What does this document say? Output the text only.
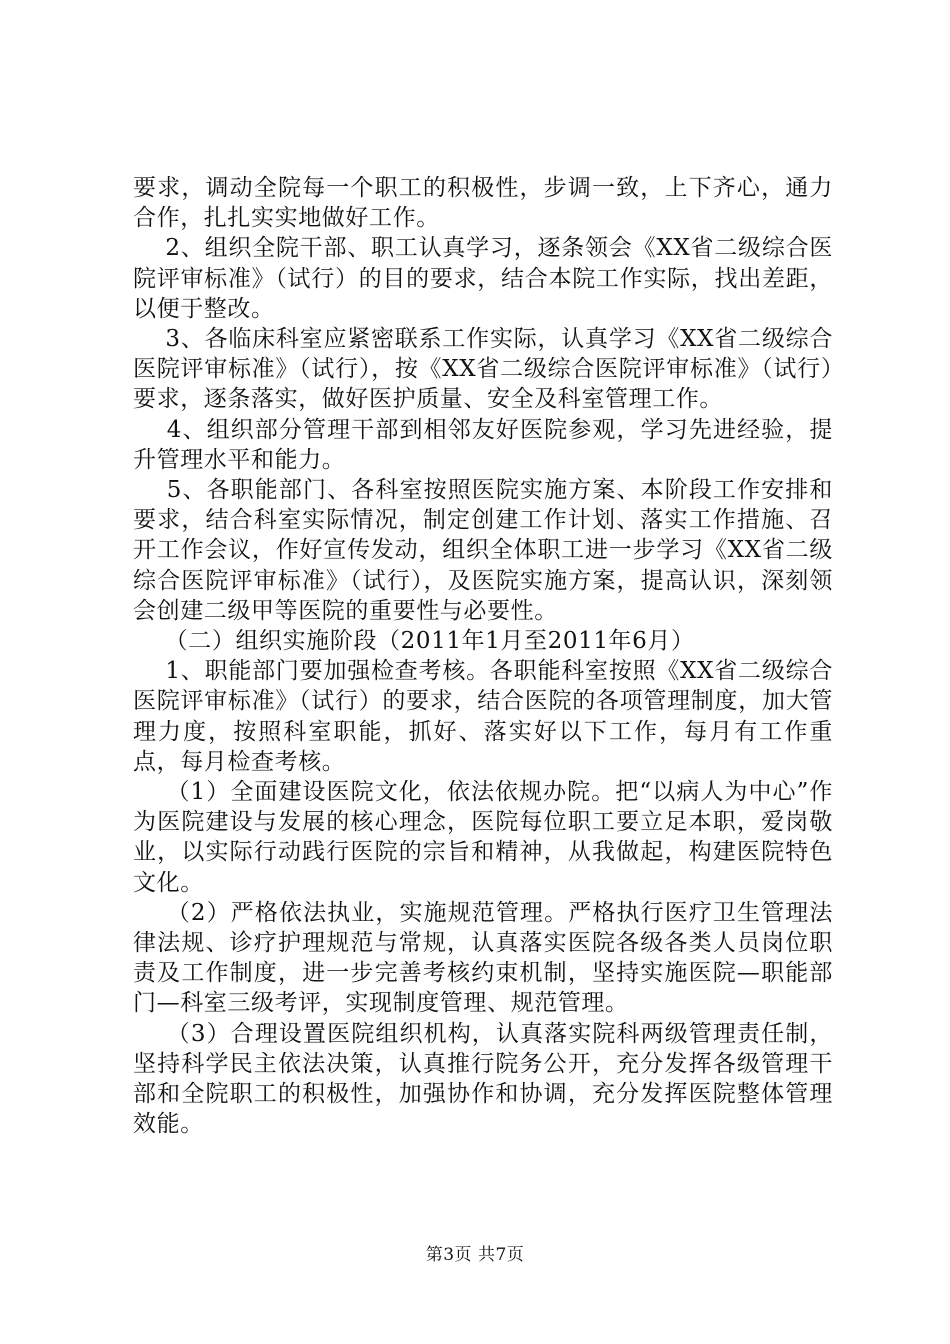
要求，调动全院每一个职工的积极性，步调一致，上下齐心，通力合作，扎扎实实地做好工作。

2、组织全院干部、职工认真学习，逐条领会《XX省二级综合医院评审标准》（试行）的目的要求，结合本院工作实际，找出差距，以便于整改。

3、各临床科室应紧密联系工作实际，认真学习《XX省二级综合医院评审标准》（试行），按《XX省二级综合医院评审标准》（试行）要求，逐条落实，做好医护质量、安全及科室管理工作。

4、组织部分管理干部到相邻友好医院参观，学习先进经验，提升管理水平和能力。

5、各职能部门、各科室按照医院实施方案、本阶段工作安排和要求，结合科室实际情况，制定创建工作计划、落实工作措施、召开工作会议，作好宣传发动，组织全体职工进一步学习《XX省二级综合医院评审标准》（试行），及医院实施方案，提高认识，深刻领会创建二级甲等医院的重要性与必要性。

（二）组织实施阶段（2011年1月至2011年6月）

1、职能部门要加强检查考核。各职能科室按照《XX省二级综合医院评审标准》（试行）的要求，结合医院的各项管理制度，加大管理力度，按照科室职能，抓好、落实好以下工作，每月有工作重点，每月检查考核。

（1）全面建设医院文化，依法依规办院。把“以病人为中心”作为医院建设与发展的核心理念，医院每位职工要立足本职，爱岗敬业，以实际行动践行医院的宗旨和精神，从我做起，构建医院特色文化。

（2）严格依法执业，实施规范管理。严格执行医疗卫生管理法律法规、诊疗护理规范与常规，认真落实医院各级各类人员岗位职责及工作制度，进一步完善考核约束机制，坚持实施医院—职能部门—科室三级考评，实现制度管理、规范管理。

（3）合理设置医院组织机构，认真落实院科两级管理责任制，坚持科学民主依法决策，认真推行院务公开，充分发挥各级管理干部和全院职工的积极性，加强协作和协调，充分发挥医院整体管理效能。

第3页 共7页
